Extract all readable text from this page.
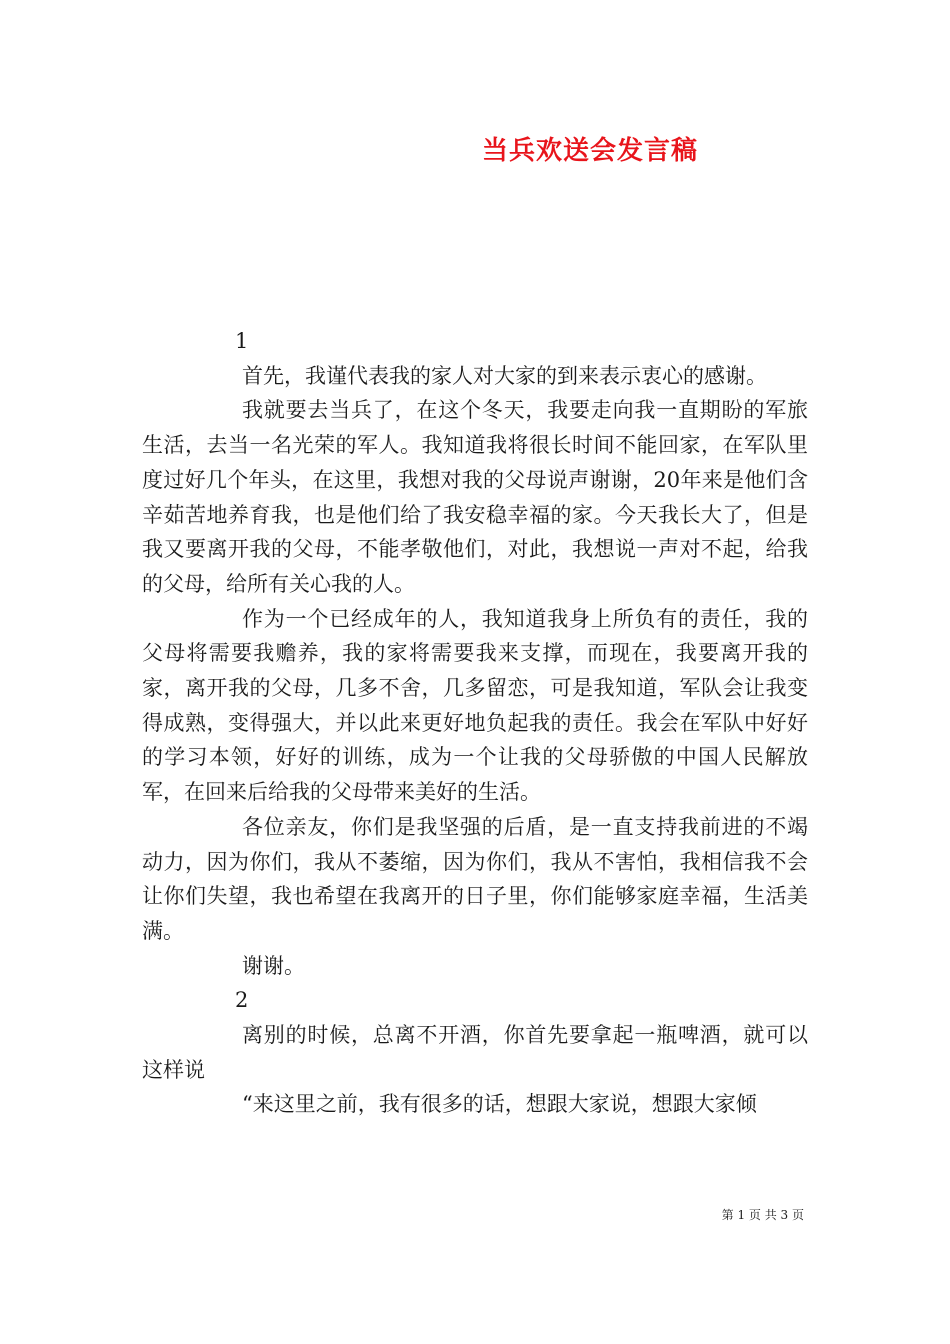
当兵欢送会发言稿

1

首先，我谨代表我的家人对大家的到来表示衷心的感谢。

我就要去当兵了，在这个冬天，我要走向我一直期盼的军旅生活，去当一名光荣的军人。我知道我将很长时间不能回家，在军队里度过好几个年头，在这里，我想对我的父母说声谢谢，20年来是他们含辛茹苦地养育我，也是他们给了我安稳幸福的家。今天我长大了，但是我又要离开我的父母，不能孝敬他们，对此，我想说一声对不起，给我的父母，给所有关心我的人。

作为一个已经成年的人，我知道我身上所负有的责任，我的父母将需要我赡养，我的家将需要我来支撑，而现在，我要离开我的家，离开我的父母，几多不舍，几多留恋，可是我知道，军队会让我变得成熟，变得强大，并以此来更好地负起我的责任。我会在军队中好好的学习本领，好好的训练，成为一个让我的父母骄傲的中国人民解放军，在回来后给我的父母带来美好的生活。

各位亲友，你们是我坚强的后盾，是一直支持我前进的不竭动力，因为你们，我从不萎缩，因为你们，我从不害怕，我相信我不会让你们失望，我也希望在我离开的日子里，你们能够家庭幸福，生活美满。

谢谢。

2

离别的时候，总离不开酒，你首先要拿起一瓶啤酒，就可以这样说

“来这里之前，我有很多的话，想跟大家说，想跟大家倾

第 1 页 共 3 页
